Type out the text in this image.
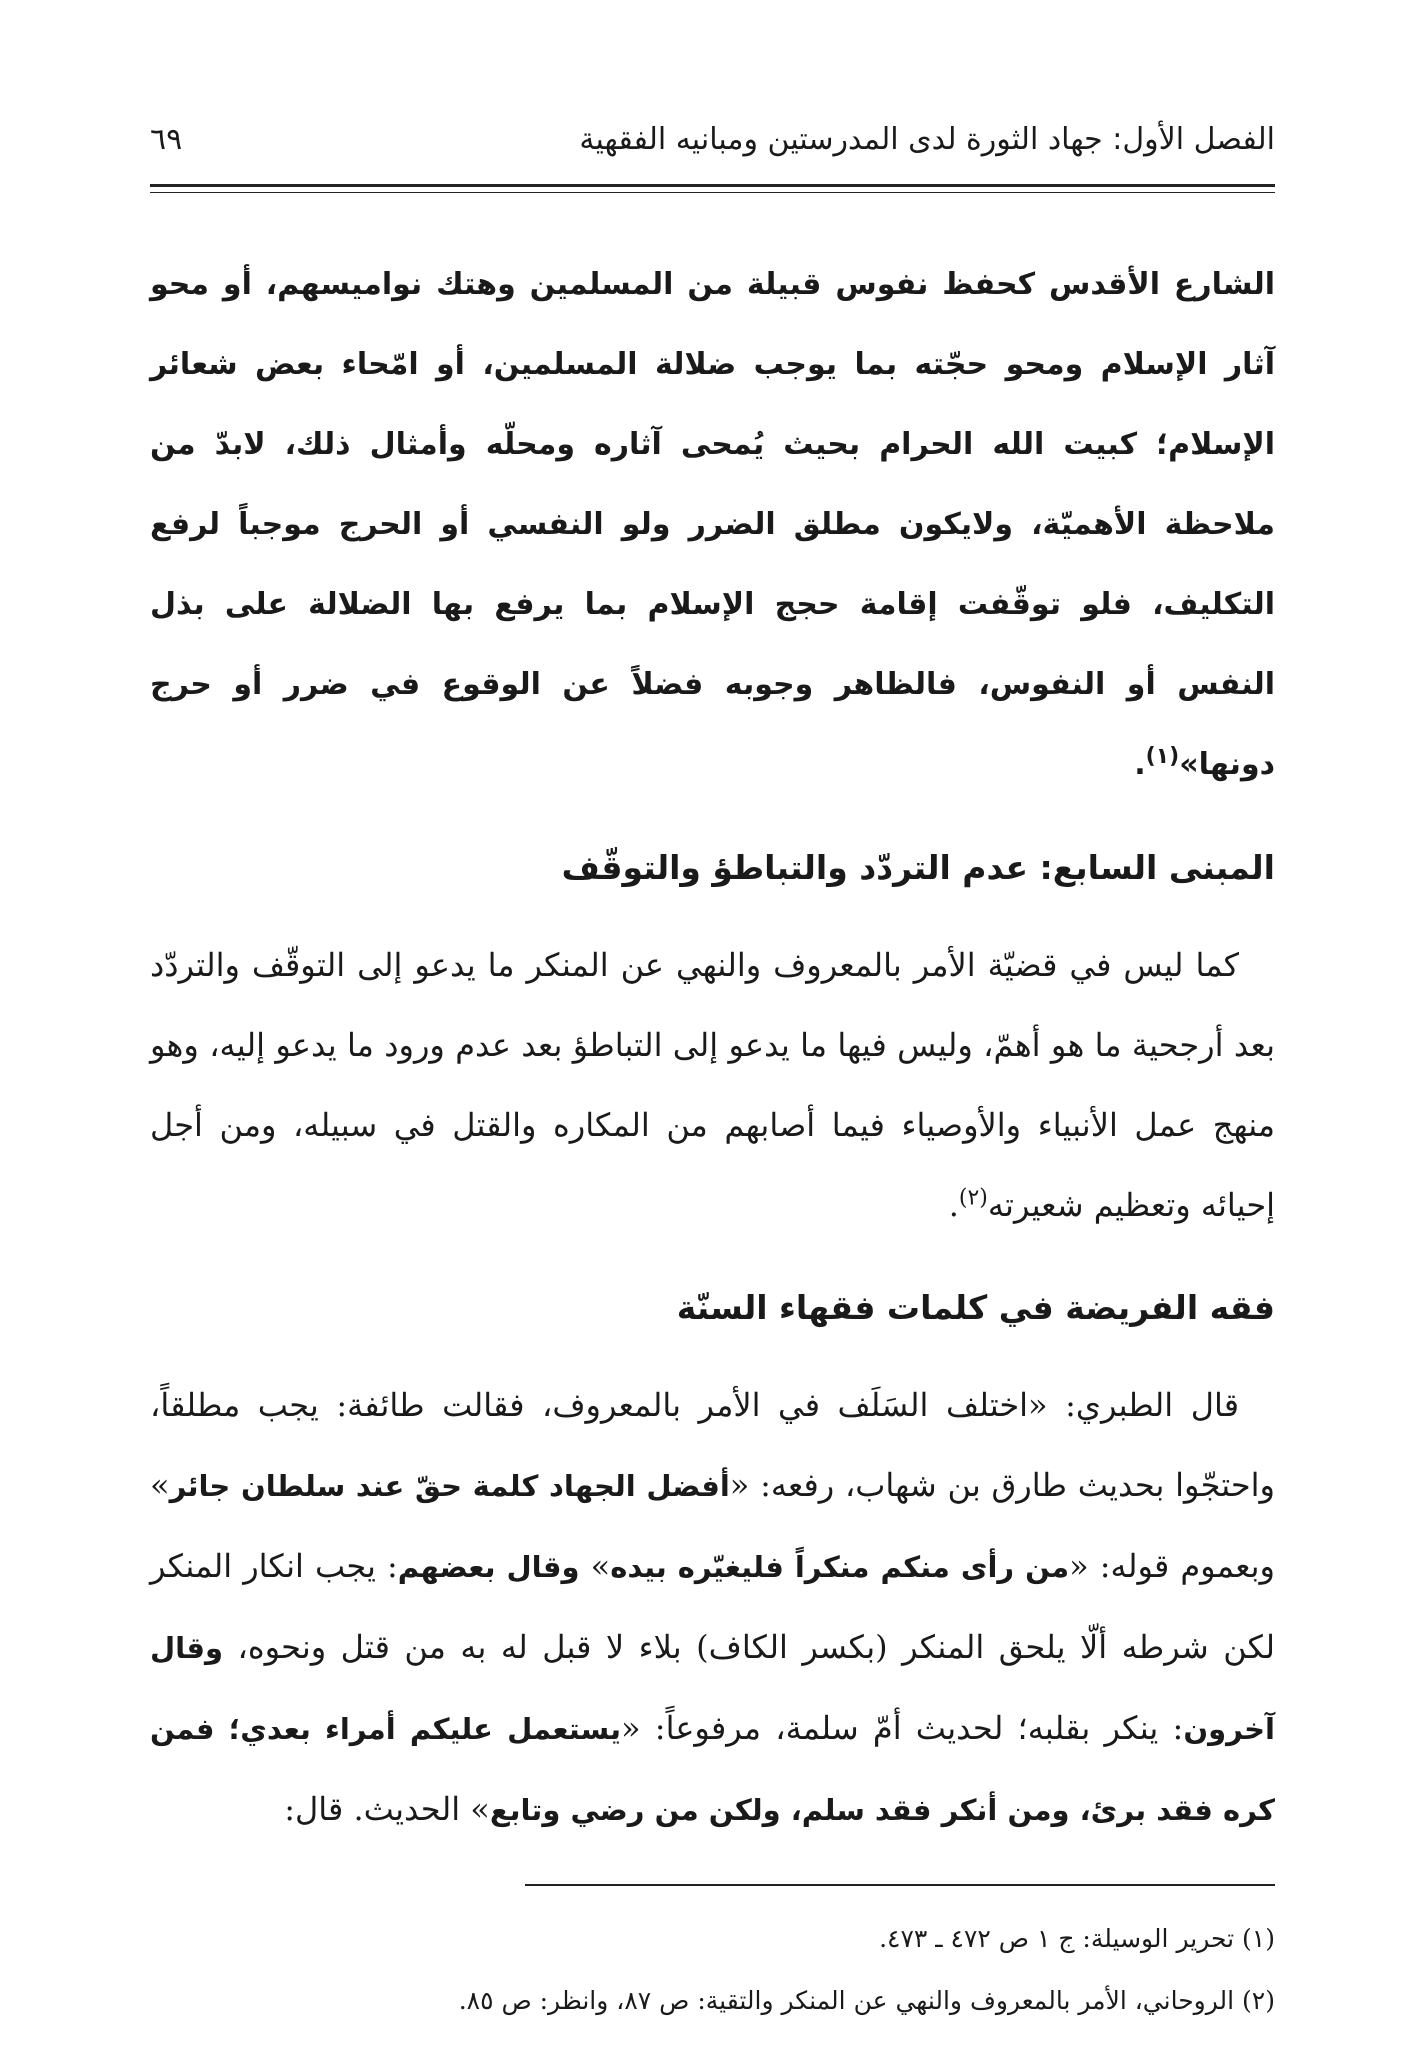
الفصل الأول: جهاد الثورة لدى المدرستين ومبانيه الفقهية
٦٩

الشارع الأقدس كحفظ نفوس قبيلة من المسلمين وهتك نواميسهم، أو محو آثار الإسلام ومحو حجّته بما يوجب ضلالة المسلمين، أو امّحاء بعض شعائر الإسلام؛ كبيت الله الحرام بحيث يُمحى آثاره ومحلّه وأمثال ذلك، لابدّ من ملاحظة الأهميّة، ولايكون مطلق الضرر ولو النفسي أو الحرج موجباً لرفع التكليف، فلو توقّفت إقامة حجج الإسلام بما يرفع بها الضلالة على بذل النفس أو النفوس، فالظاهر وجوبه فضلاً عن الوقوع في ضرر أو حرج دونها»$^{(١)}$.

المبنى السابع: عدم التردّد والتباطؤ والتوقّف

كما ليس في قضيّة الأمر بالمعروف والنهي عن المنكر ما يدعو إلى التوقّف والتردّد بعد أرجحية ما هو أهمّ، وليس فيها ما يدعو إلى التباطؤ بعد عدم ورود ما يدعو إليه، وهو منهج عمل الأنبياء والأوصياء فيما أصابهم من المكاره والقتل في سبيله، ومن أجل إحيائه وتعظيم شعيرته$^{(٢)}$.

فقه الفريضة في كلمات فقهاء السنّة

قال الطبري: «اختلف السَلَف في الأمر بالمعروف، فقالت طائفة: يجب مطلقاً، واحتجّوا بحديث طارق بن شهاب، رفعه: «أفضل الجهاد كلمة حقّ عند سلطان جائر» وبعموم قوله: «من رأى منكم منكراً فليغيّره بيده» وقال بعضهم: يجب انكار المنكر لكن شرطه ألّا يلحق المنكر (بكسر الكاف) بلاء لا قبل له به من قتل ونحوه، وقال آخرون: ينكر بقلبه؛ لحديث أمّ سلمة، مرفوعاً: «يستعمل عليكم أمراء بعدي؛ فمن كره فقد برئ، ومن أنكر فقد سلم، ولكن من رضي وتابع» الحديث. قال:

(١) تحرير الوسيلة: ج ١ ص ٤٧٢ ـ ٤٧٣.
(٢) الروحاني، الأمر بالمعروف والنهي عن المنكر والتقية: ص ٨٧، وانظر: ص ٨٥.
